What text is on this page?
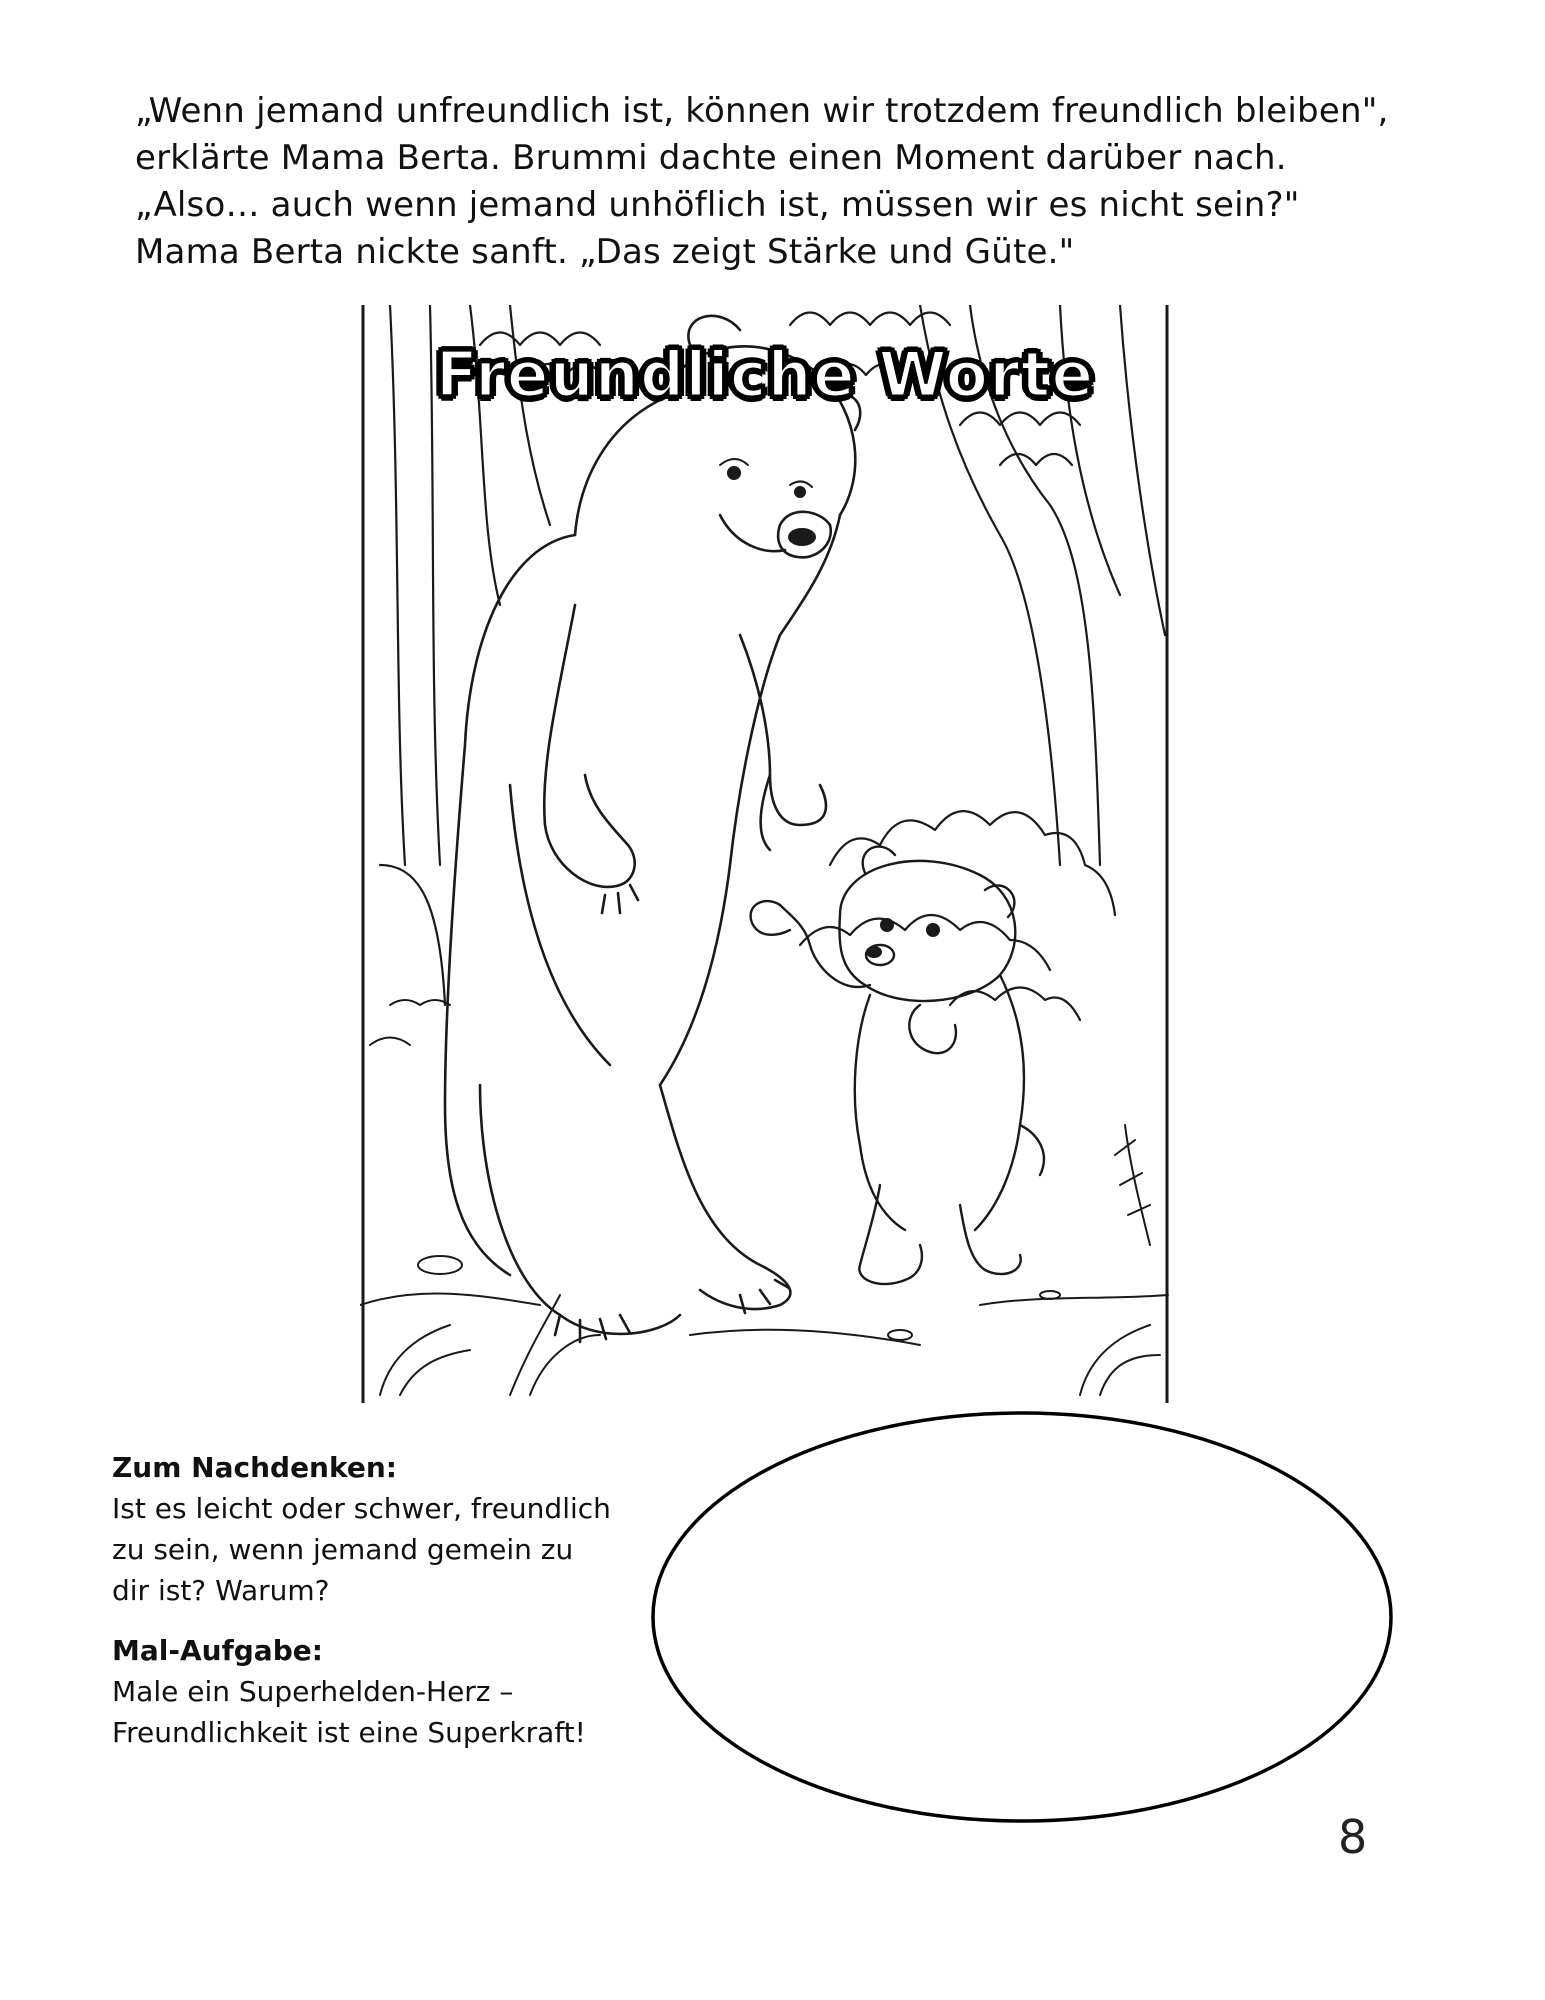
„Wenn jemand unfreundlich ist, können wir trotzdem freundlich bleiben",

erklärte Mama Berta. Brummi dachte einen Moment darüber nach.

„Also… auch wenn jemand unhöflich ist, müssen wir es nicht sein?"

Mama Berta nickte sanft. „Das zeigt Stärke und Güte."

Freundliche Worte
Zum Nachdenken:

Ist es leicht oder schwer, freundlich

zu sein, wenn jemand gemein zu

dir ist? Warum?

Mal-Aufgabe:

Male ein Superhelden-Herz –

Freundlichkeit ist eine Superkraft!

8
